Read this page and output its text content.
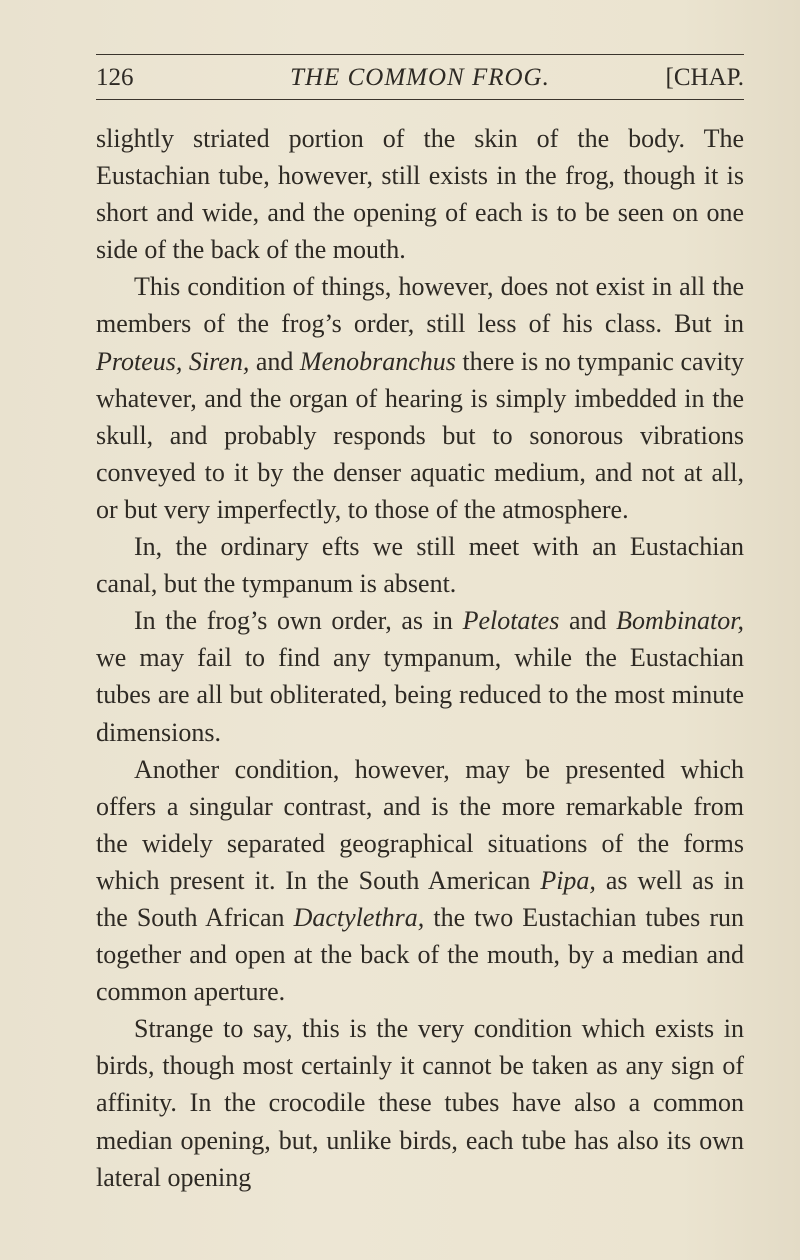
126	THE COMMON FROG.	[CHAP.

slightly striated portion of the skin of the body. The Eustachian tube, however, still exists in the frog, though it is short and wide, and the opening of each is to be seen on one side of the back of the mouth.

This condition of things, however, does not exist in all the members of the frog’s order, still less of his class. But in Proteus, Siren, and Menobranchus there is no tympanic cavity whatever, and the organ of hearing is simply imbedded in the skull, and probably responds but to sonorous vibrations conveyed to it by the denser aquatic medium, and not at all, or but very imperfectly, to those of the atmosphere.

In, the ordinary efts we still meet with an Eustachian canal, but the tympanum is absent.

In the frog’s own order, as in Pelotates and Bombinator, we may fail to find any tympanum, while the Eustachian tubes are all but obliterated, being reduced to the most minute dimensions.

Another condition, however, may be presented which offers a singular contrast, and is the more remarkable from the widely separated geographical situations of the forms which present it. In the South American Pipa, as well as in the South African Dactylethra, the two Eustachian tubes run together and open at the back of the mouth, by a median and common aperture.

Strange to say, this is the very condition which exists in birds, though most certainly it cannot be taken as any sign of affinity. In the crocodile these tubes have also a common median opening, but, unlike birds, each tube has also its own lateral opening
